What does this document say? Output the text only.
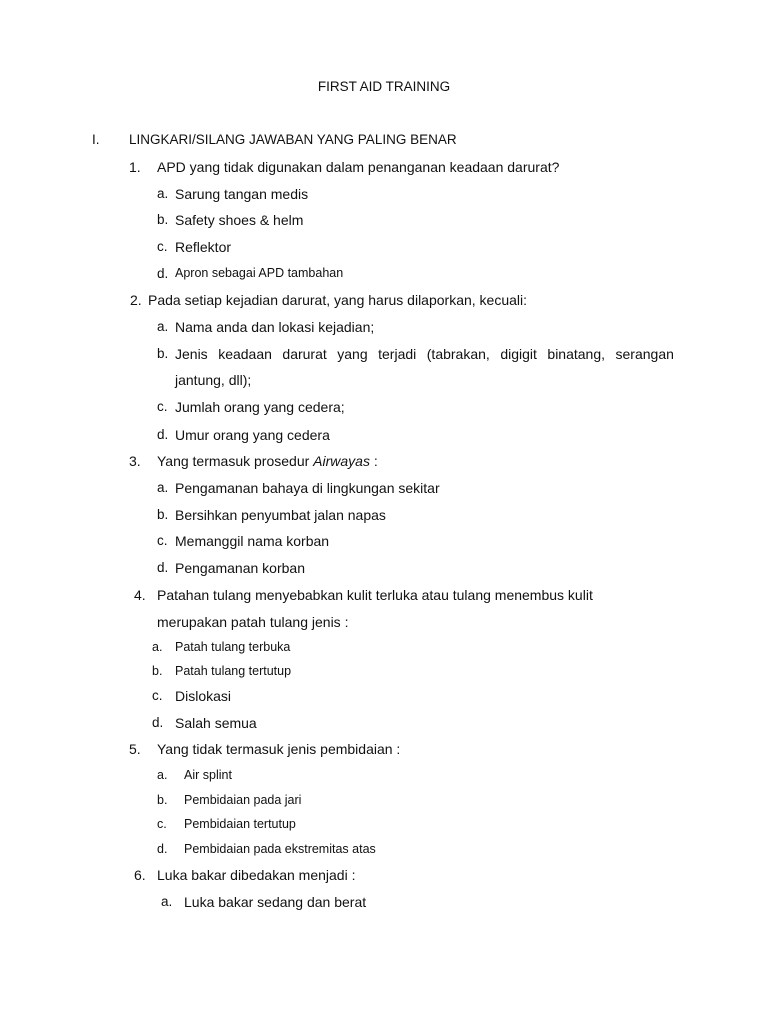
FIRST AID TRAINING
I. LINGKARI/SILANG JAWABAN YANG PALING BENAR
1. APD yang tidak digunakan dalam penanganan keadaan darurat?
a. Sarung tangan medis
b. Safety shoes & helm
c. Reflektor
d. Apron sebagai APD tambahan
2. Pada setiap kejadian darurat, yang harus dilaporkan, kecuali:
a. Nama anda dan lokasi kejadian;
b. Jenis keadaan darurat yang terjadi (tabrakan, digigit binatang, serangan
jantung, dll);
c. Jumlah orang yang cedera;
d. Umur orang yang cedera
3. Yang termasuk prosedur Airwayas :
a. Pengamanan bahaya di lingkungan sekitar
b. Bersihkan penyumbat jalan napas
c. Memanggil nama korban
d. Pengamanan korban
4. Patahan tulang menyebabkan kulit terluka atau tulang menembus kulit
merupakan patah tulang jenis :
a. Patah tulang terbuka
b. Patah tulang tertutup
c. Dislokasi
d. Salah semua
5. Yang tidak termasuk jenis pembidaian :
a. Air splint
b. Pembidaian pada jari
c. Pembidaian tertutup
d. Pembidaian pada ekstremitas atas
6. Luka bakar dibedakan menjadi :
a. Luka bakar sedang dan berat
